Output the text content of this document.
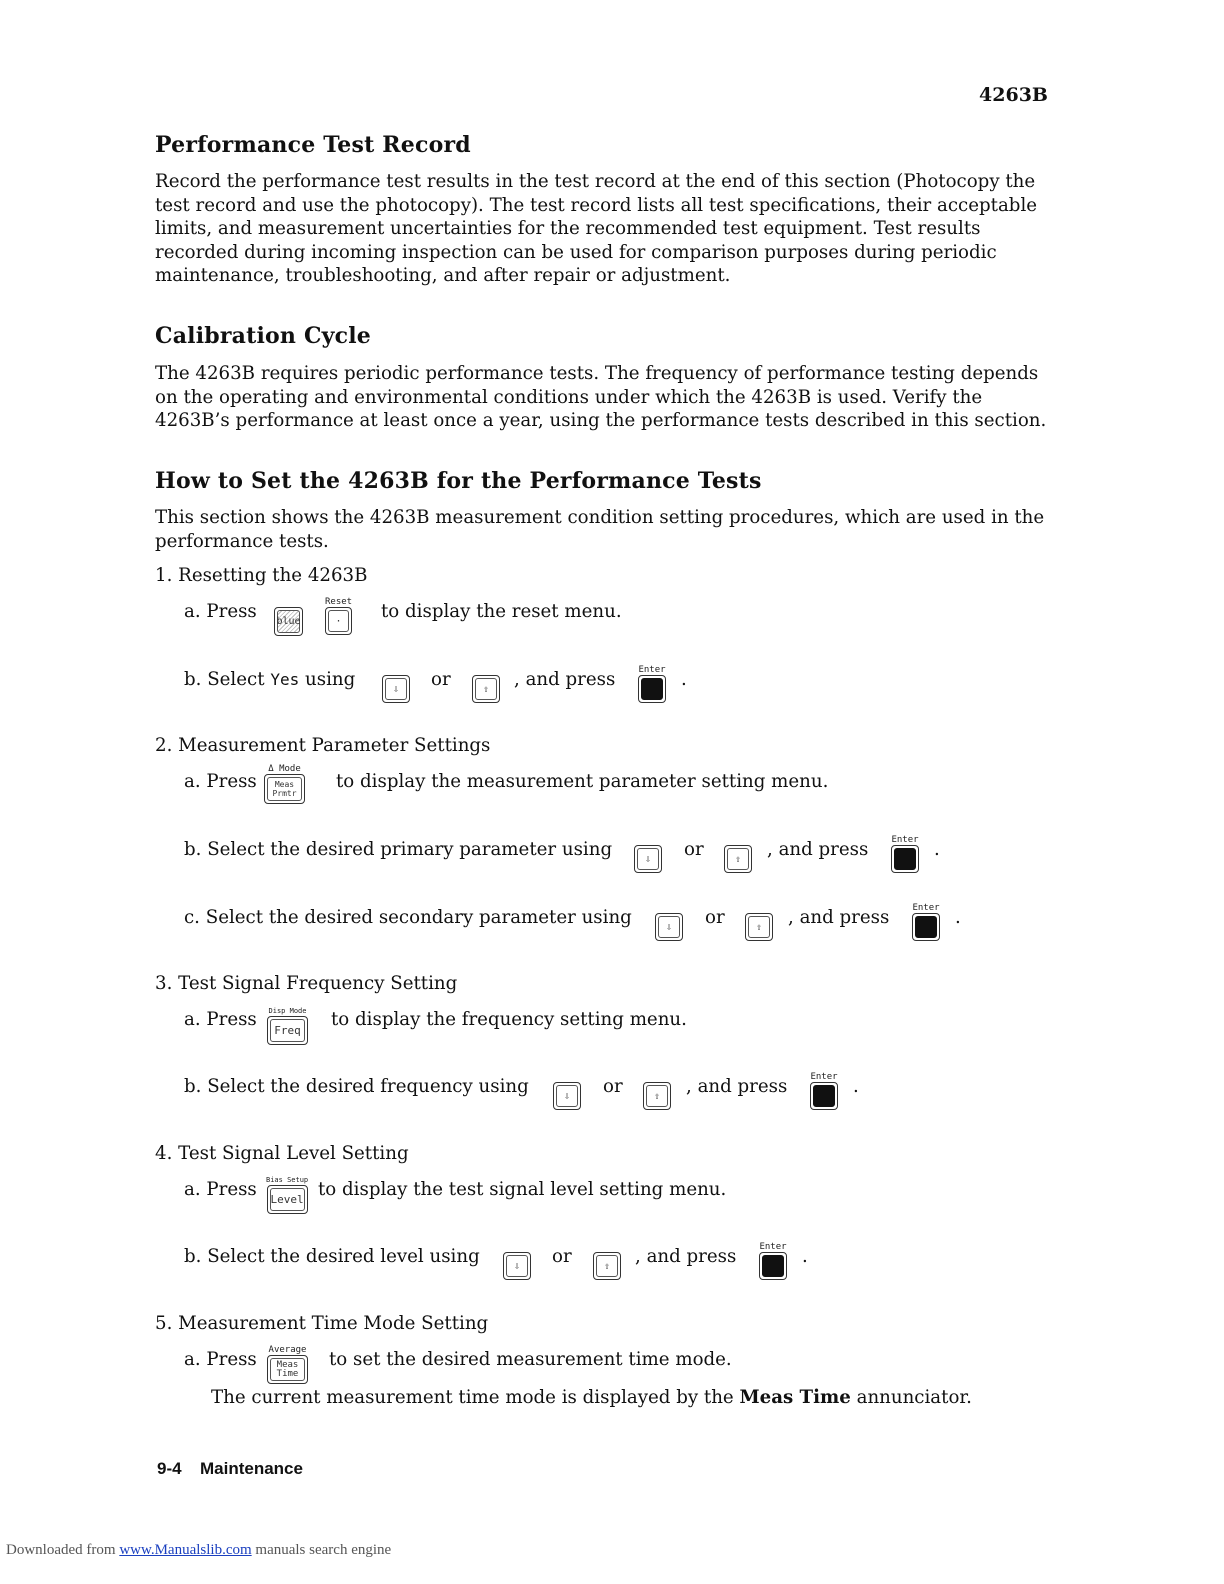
4263B
Performance Test Record

Record the performance test results in the test record at the end of this section (Photocopy the test record and use the photocopy). The test record lists all test specifications, their acceptable limits, and measurement uncertainties for the recommended test equipment. Test results recorded during incoming inspection can be used for comparison purposes during periodic maintenance, troubleshooting, and after repair or adjustment.

Calibration Cycle

The 4263B requires periodic performance tests. The frequency of performance testing depends on the operating and environmental conditions under which the 4263B is used. Verify the 4263B’s performance at least once a year, using the performance tests described in this section.

How to Set the 4263B for the Performance Tests

This section shows the 4263B measurement condition setting procedures, which are used in the performance tests.

1. Resetting the 4263B
a. Press blue
Reset
·	to display the reset menu.
b. Select Yes using	⇩	or	⇧	, and press	Enter .
2. Measurement Parameter Settings
a. Press
Δ Mode
Meas Prmtr
to display the measurement parameter setting menu.
b. Select the desired primary parameter using	⇩	or	⇧	, and press	Enter .
c. Select the desired secondary parameter using	⇩	or	⇧	, and press	Enter .
3. Test Signal Frequency Setting
a. Press Disp Mode
Freq
to display the frequency setting menu.
b. Select the desired frequency using	⇩	or	⇧	, and press	Enter .
4. Test Signal Level Setting
a. Press Bias Setup
Level to display the test signal level setting menu.
b. Select the desired level using	⇩	or	⇧	, and press	Enter .
5. Measurement Time Mode Setting
a. Press Average
Meas Time
to set the desired measurement time mode.
The current measurement time mode is displayed by the Meas Time annunciator.
9-4 Maintenance
Downloaded from www.Manualslib.com manuals search engine
